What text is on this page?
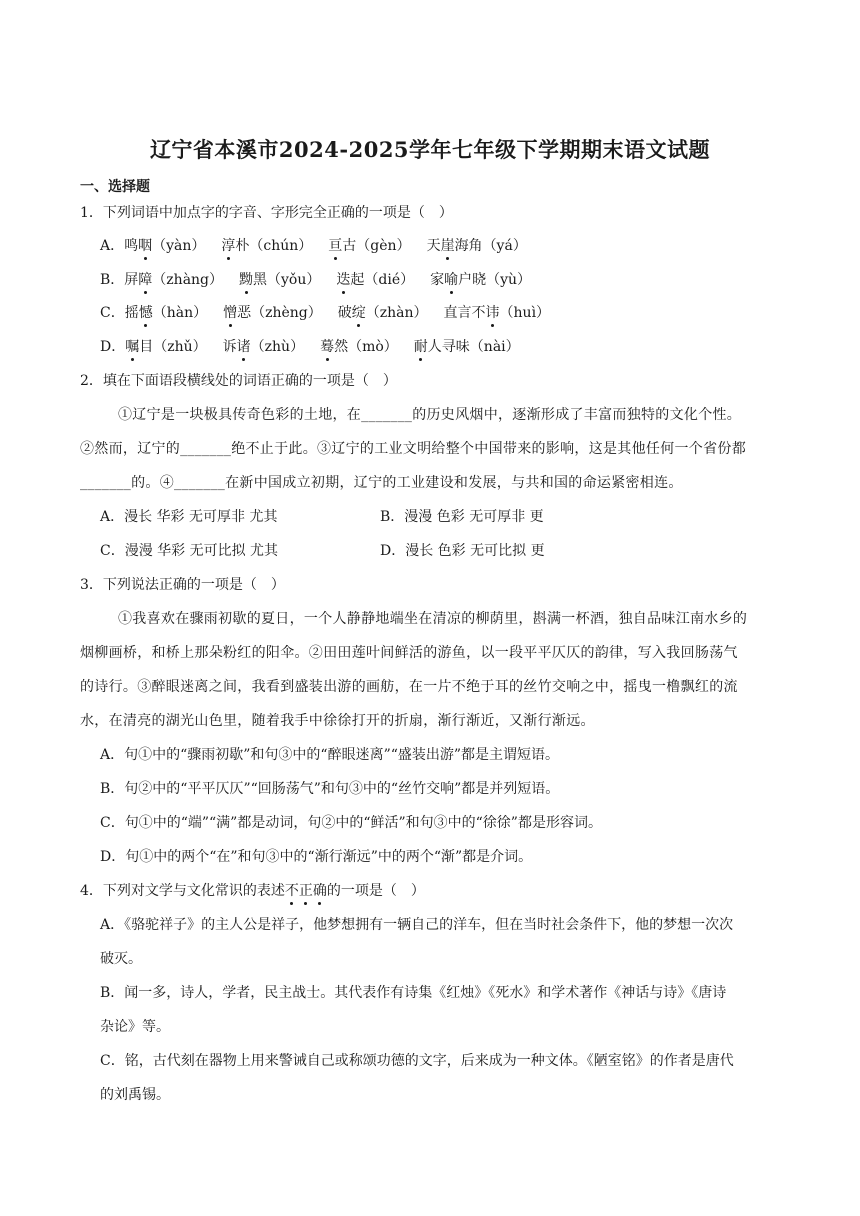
辽宁省本溪市2024-2025学年七年级下学期期末语文试题
一、选择题
1．下列词语中加点字的字音、字形完全正确的一项是（　）
A．鸣咽（yàn） 淳朴（chún） 亘古（gèn） 天崖海角（yá）
B．屏障（zhàng） 黝黑（yǒu） 迭起（dié） 家喻户晓（yù）
C．摇憾（hàn） 憎恶（zhèng） 破绽（zhàn） 直言不讳（huì）
D．嘱目（zhǔ） 诉诸（zhù） 蓦然（mò） 耐人寻味（nài）
2．填在下面语段横线处的词语正确的一项是（　）
①辽宁是一块极具传奇色彩的土地，在_______的历史风烟中，逐渐形成了丰富而独特的文化个性。
②然而，辽宁的_______绝不止于此。③辽宁的工业文明给整个中国带来的影响，这是其他任何一个省份都
_______的。④_______在新中国成立初期，辽宁的工业建设和发展，与共和国的命运紧密相连。
A．漫长 华彩 无可厚非 尤其	B．漫漫 色彩 无可厚非 更
C．漫漫 华彩 无可比拟 尤其	D．漫长 色彩 无可比拟 更
3．下列说法正确的一项是（　）
①我喜欢在骤雨初歇的夏日，一个人静静地端坐在清凉的柳荫里，斟满一杯酒，独自品味江南水乡的
烟柳画桥，和桥上那朵粉红的阳伞。②田田莲叶间鲜活的游鱼，以一段平平仄仄的韵律，写入我回肠荡气
的诗行。③醉眼迷离之间，我看到盛装出游的画舫，在一片不绝于耳的丝竹交响之中，摇曳一橹飘红的流
水，在清亮的湖光山色里，随着我手中徐徐打开的折扇，渐行渐近，又渐行渐远。
A．句①中的“骤雨初歇”和句③中的“醉眼迷离”“盛装出游”都是主谓短语。
B．句②中的“平平仄仄”“回肠荡气”和句③中的“丝竹交响”都是并列短语。
C．句①中的“端”“满”都是动词，句②中的“鲜活”和句③中的“徐徐”都是形容词。
D．句①中的两个“在”和句③中的“渐行渐远”中的两个“渐”都是介词。
4．下列对文学与文化常识的表述不正确的一项是（　）
A．《骆驼祥子》的主人公是祥子，他梦想拥有一辆自己的洋车，但在当时社会条件下，他的梦想一次次
破灭。
B．闻一多，诗人，学者，民主战士。其代表作有诗集《红烛》《死水》和学术著作《神话与诗》《唐诗
杂论》等。
C．铭，古代刻在器物上用来警诫自己或称颂功德的文字，后来成为一种文体。《陋室铭》的作者是唐代
的刘禹锡。
